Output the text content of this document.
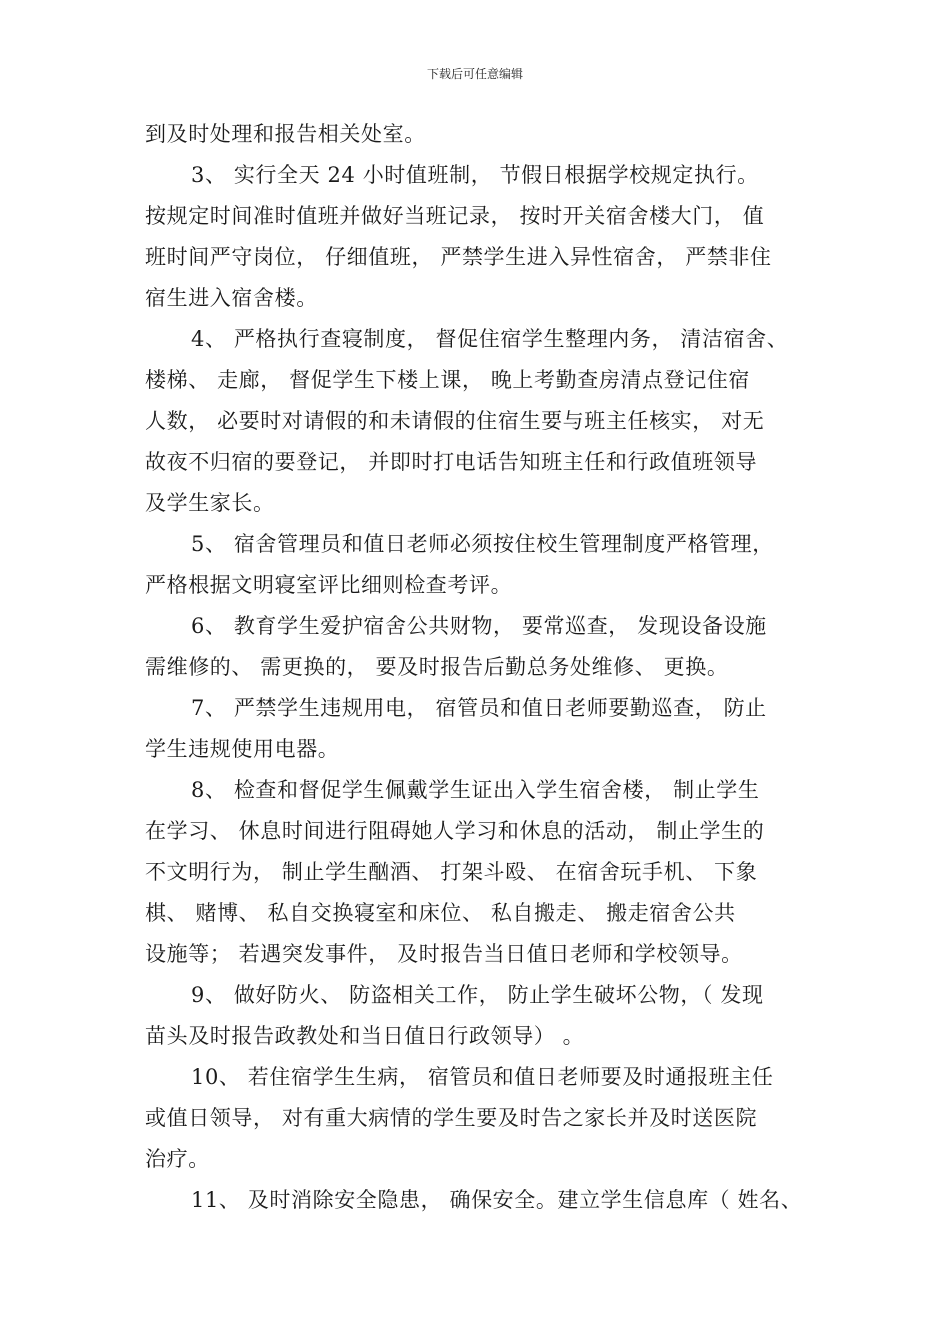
下载后可任意编辑
到及时处理和报告相关处室。
3、 实行全天 24 小时值班制， 节假日根据学校规定执行。
按规定时间准时值班并做好当班记录， 按时开关宿舍楼大门， 值
班时间严守岗位， 仔细值班， 严禁学生进入异性宿舍， 严禁非住
宿生进入宿舍楼。
4、 严格执行查寝制度， 督促住宿学生整理内务， 清洁宿舍、
楼梯、 走廊， 督促学生下楼上课， 晚上考勤查房清点登记住宿
人数， 必要时对请假的和未请假的住宿生要与班主任核实， 对无
故夜不归宿的要登记， 并即时打电话告知班主任和行政值班领导
及学生家长。
5、 宿舍管理员和值日老师必须按住校生管理制度严格管理，
严格根据文明寝室评比细则检查考评。
6、 教育学生爱护宿舍公共财物， 要常巡查， 发现设备设施
需维修的、 需更换的， 要及时报告后勤总务处维修、 更换。
7、 严禁学生违规用电， 宿管员和值日老师要勤巡查， 防止
学生违规使用电器。
8、 检查和督促学生佩戴学生证出入学生宿舍楼， 制止学生
在学习、 休息时间进行阻碍她人学习和休息的活动， 制止学生的
不文明行为， 制止学生酗酒、 打架斗殴、 在宿舍玩手机、 下象
棋、 赌博、 私自交换寝室和床位、 私自搬走、 搬走宿舍公共
设施等； 若遇突发事件， 及时报告当日值日老师和学校领导。
9、 做好防火、 防盗相关工作， 防止学生破坏公物，（ 发现
苗头及时报告政教处和当日值日行政领导） 。
10、 若住宿学生生病， 宿管员和值日老师要及时通报班主任
或值日领导， 对有重大病情的学生要及时告之家长并及时送医院
治疗。
11、 及时消除安全隐患， 确保安全。建立学生信息库（ 姓名、
